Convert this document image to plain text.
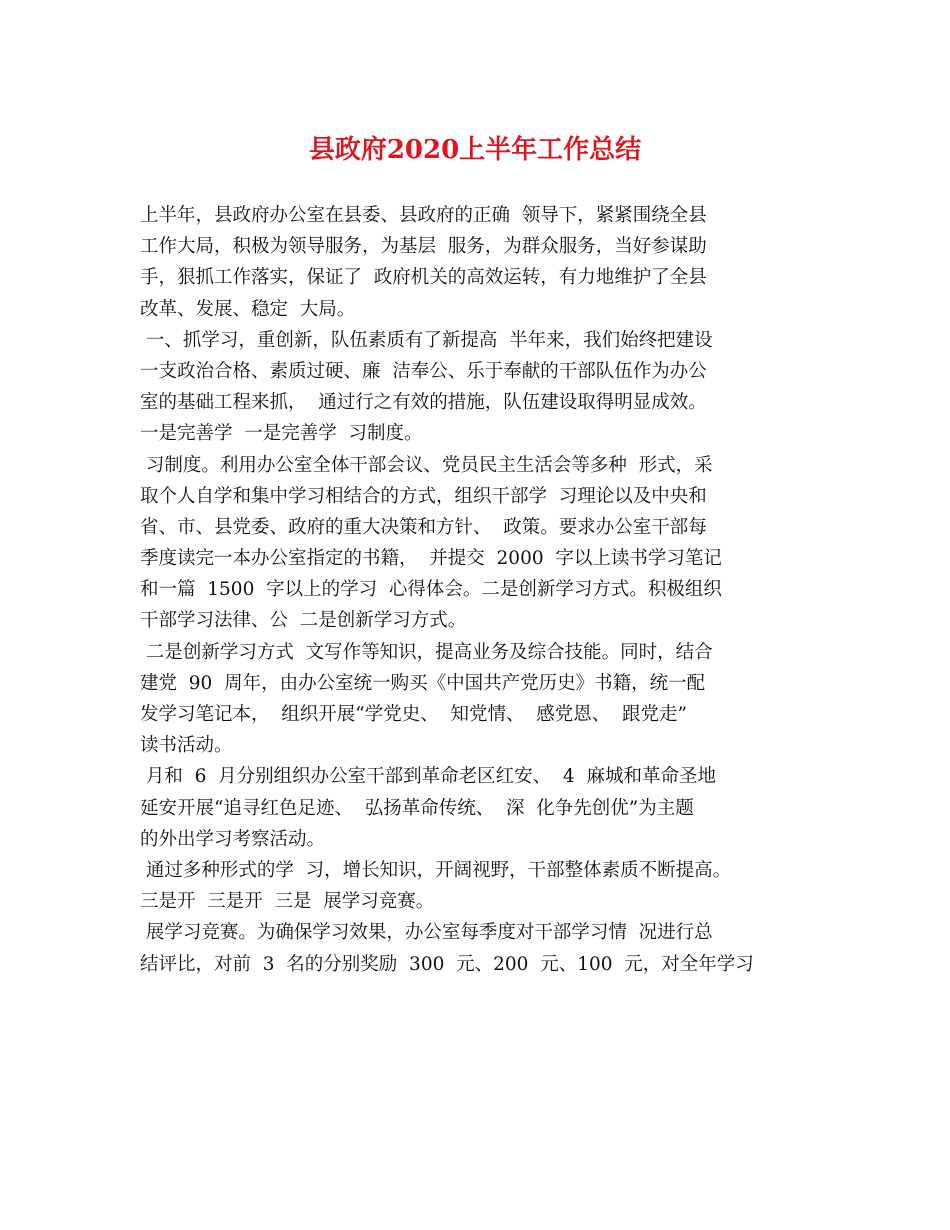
县政府2020上半年工作总结
上半年，县政府办公室在县委、县政府的正确  领导下，紧紧围绕全县
工作大局，积极为领导服务，为基层  服务，为群众服务，当好参谋助
手，狠抓工作落实，保证了  政府机关的高效运转，有力地维护了全县
改革、发展、稳定  大局。
一、抓学习，重创新，队伍素质有了新提高  半年来，我们始终把建设
一支政治合格、素质过硬、廉  洁奉公、乐于奉献的干部队伍作为办公
室的基础工程来抓，  通过行之有效的措施，队伍建设取得明显成效。
一是完善学  一是完善学  习制度。
习制度。利用办公室全体干部会议、党员民主生活会等多种  形式，采
取个人自学和集中学习相结合的方式，组织干部学  习理论以及中央和
省、市、县党委、政府的重大决策和方针、  政策。要求办公室干部每
季度读完一本办公室指定的书籍，  并提交  2000  字以上读书学习笔记
和一篇  1500  字以上的学习  心得体会。二是创新学习方式。积极组织
干部学习法律、公  二是创新学习方式。
二是创新学习方式  文写作等知识，提高业务及综合技能。同时，结合
建党  90  周年，由办公室统一购买《中国共产党历史》书籍，统一配
发学习笔记本，  组织开展“学党史、  知党情、  感党恩、  跟党走”
读书活动。
月和  6  月分别组织办公室干部到革命老区红安、  4  麻城和革命圣地
延安开展“追寻红色足迹、  弘扬革命传统、  深  化争先创优”为主题
的外出学习考察活动。
通过多种形式的学  习，增长知识，开阔视野，干部整体素质不断提高。
三是开  三是开  三是  展学习竞赛。
展学习竞赛。为确保学习效果，办公室每季度对干部学习情  况进行总
结评比，对前  3  名的分别奖励  300  元、200  元、100  元，对全年学习
